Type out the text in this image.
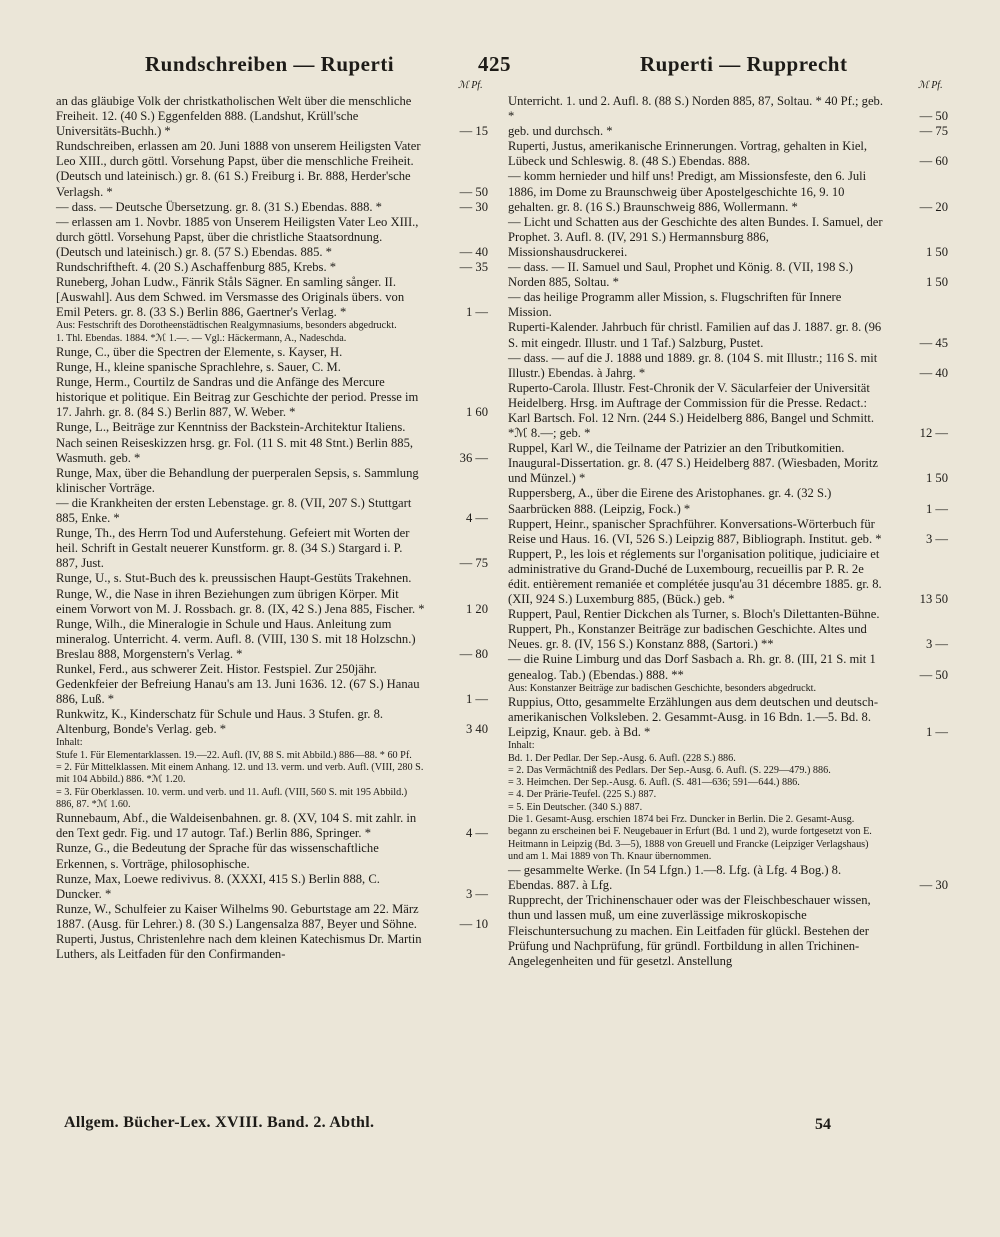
Rundschreiben — Ruperti	425	Ruperti — Rupprecht
ℳ Pf.	ℳ Pf.

an das gläubige Volk der christkatholischen Welt über die menschliche Freiheit. 12. (40 S.) Eggenfelden 888. (Landshut, Krüll'sche Universitäts-Buchh.) *	— 15

Rundschreiben, erlassen am 20. Juni 1888 von unserem Heiligsten Vater Leo XIII., durch göttl. Vorsehung Papst, über die menschliche Freiheit. (Deutsch und lateinisch.) gr. 8. (61 S.) Freiburg i. Br. 888, Herder'sche Verlagsh. *	— 50

— dass. — Deutsche Übersetzung. gr. 8. (31 S.) Ebendas. 888. *	— 30

— erlassen am 1. Novbr. 1885 von Unserem Heiligsten Vater Leo XIII., durch göttl. Vorsehung Papst, über die christliche Staatsordnung. (Deutsch und lateinisch.) gr. 8. (57 S.) Ebendas. 885. *	— 40

Rundschriftheft. 4. (20 S.) Aschaffenburg 885, Krebs. *	— 35

Runeberg, Johan Ludw., Fänrik Ståls Sägner. En samling sånger. II. [Auswahl]. Aus dem Schwed. im Versmasse des Originals übers. von Emil Peters. gr. 8. (33 S.) Berlin 886, Gaertner's Verlag. *	1 —

Aus: Festschrift des Dorotheenstädtischen Realgymnasiums, besonders abgedruckt.
1. Thl. Ebendas. 1884. *ℳ 1.—. — Vgl.: Häckermann, A., Nadeschda.

Runge, C., über die Spectren der Elemente, s. Kayser, H.

Runge, H., kleine spanische Sprachlehre, s. Sauer, C. M.

Runge, Herm., Courtilz de Sandras und die Anfänge des Mercure historique et politique. Ein Beitrag zur Geschichte der period. Presse im 17. Jahrh. gr. 8. (84 S.) Berlin 887, W. Weber. *	1 60

Runge, L., Beiträge zur Kenntniss der Backstein-Architektur Italiens. Nach seinen Reiseskizzen hrsg. gr. Fol. (11 S. mit 48 Stnt.) Berlin 885, Wasmuth. geb. *	36 —

Runge, Max, über die Behandlung der puerperalen Sepsis, s. Sammlung klinischer Vorträge.

— die Krankheiten der ersten Lebenstage. gr. 8. (VII, 207 S.) Stuttgart 885, Enke. *	4 —

Runge, Th., des Herrn Tod und Auferstehung. Gefeiert mit Worten der heil. Schrift in Gestalt neuerer Kunstform. gr. 8. (34 S.) Stargard i. P. 887, Just.	— 75

Runge, U., s. Stut-Buch des k. preussischen Haupt-Gestüts Trakehnen.

Runge, W., die Nase in ihren Beziehungen zum übrigen Körper. Mit einem Vorwort von M. J. Rossbach. gr. 8. (IX, 42 S.) Jena 885, Fischer. *	1 20

Runge, Wilh., die Mineralogie in Schule und Haus. Anleitung zum mineralog. Unterricht. 4. verm. Aufl. 8. (VIII, 130 S. mit 18 Holzschn.) Breslau 888, Morgenstern's Verlag. *	— 80

Runkel, Ferd., aus schwerer Zeit. Histor. Festspiel. Zur 250jähr. Gedenkfeier der Befreiung Hanau's am 13. Juni 1636. 12. (67 S.) Hanau 886, Luß. *	1 —

Runkwitz, K., Kinderschatz für Schule und Haus. 3 Stufen. gr. 8. Altenburg, Bonde's Verlag. geb. *	3 40

Inhalt:
Stufe 1. Für Elementarklassen. 19.—22. Aufl. (IV, 88 S. mit Abbild.) 886—88. * 60 Pf.
= 2. Für Mittelklassen. Mit einem Anhang. 12. und 13. verm. und verb. Aufl. (VIII, 280 S. mit 104 Abbild.) 886. *ℳ 1.20.
= 3. Für Oberklassen. 10. verm. und verb. und 11. Aufl. (VIII, 560 S. mit 195 Abbild.) 886, 87. *ℳ 1.60.

Runnebaum, Abf., die Waldeisenbahnen. gr. 8. (XV, 104 S. mit zahlr. in den Text gedr. Fig. und 17 autogr. Taf.) Berlin 886, Springer. *	4 —

Runze, G., die Bedeutung der Sprache für das wissenschaftliche Erkennen, s. Vorträge, philosophische.

Runze, Max, Loewe redivivus. 8. (XXXI, 415 S.) Berlin 888, C. Duncker. *	3 —

Runze, W., Schulfeier zu Kaiser Wilhelms 90. Geburtstage am 22. März 1887. (Ausg. für Lehrer.) 8. (30 S.) Langensalza 887, Beyer und Söhne.	— 10

Ruperti, Justus, Christenlehre nach dem kleinen Katechismus Dr. Martin Luthers, als Leitfaden für den Confirmanden-

Unterricht. 1. und 2. Aufl. 8. (88 S.) Norden 885, 87, Soltau. * 40 Pf.; geb. *	— 50

geb. und durchsch. *	— 75

Ruperti, Justus, amerikanische Erinnerungen. Vortrag, gehalten in Kiel, Lübeck und Schleswig. 8. (48 S.) Ebendas. 888.	— 60

— komm hernieder und hilf uns! Predigt, am Missionsfeste, den 6. Juli 1886, im Dome zu Braunschweig über Apostelgeschichte 16, 9. 10 gehalten. gr. 8. (16 S.) Braunschweig 886, Wollermann. *	— 20

— Licht und Schatten aus der Geschichte des alten Bundes. I. Samuel, der Prophet. 3. Aufl. 8. (IV, 291 S.) Hermannsburg 886, Missionshausdruckerei.	1 50

— dass. — II. Samuel und Saul, Prophet und König. 8. (VII, 198 S.) Norden 885, Soltau. *	1 50

— das heilige Programm aller Mission, s. Flugschriften für Innere Mission.

Ruperti-Kalender. Jahrbuch für christl. Familien auf das J. 1887. gr. 8. (96 S. mit eingedr. Illustr. und 1 Taf.) Salzburg, Pustet.	— 45

— dass. — auf die J. 1888 und 1889. gr. 8. (104 S. mit Illustr.; 116 S. mit Illustr.) Ebendas. à Jahrg. *	— 40

Ruperto-Carola. Illustr. Fest-Chronik der V. Säcularfeier der Universität Heidelberg. Hrsg. im Auftrage der Commission für die Presse. Redact.: Karl Bartsch. Fol. 12 Nrn. (244 S.) Heidelberg 886, Bangel und Schmitt. *ℳ 8.—; geb. *	12 —

Ruppel, Karl W., die Teilname der Patrizier an den Tributkomitien. Inaugural-Dissertation. gr. 8. (47 S.) Heidelberg 887. (Wiesbaden, Moritz und Münzel.) *	1 50

Ruppersberg, A., über die Eirene des Aristophanes. gr. 4. (32 S.) Saarbrücken 888. (Leipzig, Fock.) *	1 —

Ruppert, Heinr., spanischer Sprachführer. Konversations-Wörterbuch für Reise und Haus. 16. (VI, 526 S.) Leipzig 887, Bibliograph. Institut. geb. *	3 —

Ruppert, P., les lois et réglements sur l'organisation politique, judiciaire et administrative du Grand-Duché de Luxembourg, recueillis par P. R. 2e édit. entièrement remaniée et complétée jusqu'au 31 décembre 1885. gr. 8. (XII, 924 S.) Luxemburg 885, (Bück.) geb. *	13 50

Ruppert, Paul, Rentier Dickchen als Turner, s. Bloch's Dilettanten-Bühne.

Ruppert, Ph., Konstanzer Beiträge zur badischen Geschichte. Altes und Neues. gr. 8. (IV, 156 S.) Konstanz 888, (Sartori.) **	3 —

— die Ruine Limburg und das Dorf Sasbach a. Rh. gr. 8. (III, 21 S. mit 1 genealog. Tab.) (Ebendas.) 888. **	— 50

Aus: Konstanzer Beiträge zur badischen Geschichte, besonders abgedruckt.

Ruppius, Otto, gesammelte Erzählungen aus dem deutschen und deutsch-amerikanischen Volksleben. 2. Gesammt-Ausg. in 16 Bdn. 1.—5. Bd. 8. Leipzig, Knaur. geb. à Bd. *	1 —

Inhalt:
Bd. 1. Der Pedlar. Der Sep.-Ausg. 6. Aufl. (228 S.) 886.
= 2. Das Vermächtniß des Pedlars. Der Sep.-Ausg. 6. Aufl. (S. 229—479.) 886.
= 3. Heimchen. Der Sep.-Ausg. 6. Aufl. (S. 481—636; 591—644.) 886.
= 4. Der Prärie-Teufel. (225 S.) 887.
= 5. Ein Deutscher. (340 S.) 887.
Die 1. Gesamt-Ausg. erschien 1874 bei Frz. Duncker in Berlin. Die 2. Gesamt-Ausg. begann zu erscheinen bei F. Neugebauer in Erfurt (Bd. 1 und 2), wurde fortgesetzt von E. Heitmann in Leipzig (Bd. 3—5), 1888 von Greuell und Francke (Leipziger Verlagshaus) und am 1. Mai 1889 von Th. Knaur übernommen.

— gesammelte Werke. (In 54 Lfgn.) 1.—8. Lfg. (à Lfg. 4 Bog.) 8. Ebendas. 887. à Lfg.	— 30

Rupprecht, der Trichinenschauer oder was der Fleischbeschauer wissen, thun und lassen muß, um eine zuverlässige mikroskopische Fleischuntersuchung zu machen. Ein Leitfaden für glückl. Bestehen der Prüfung und Nachprüfung, für gründl. Fortbildung in allen Trichinen-Angelegenheiten und für gesetzl. Anstellung

Allgem. Bücher-Lex. XVIII. Band. 2. Abthl.	54
